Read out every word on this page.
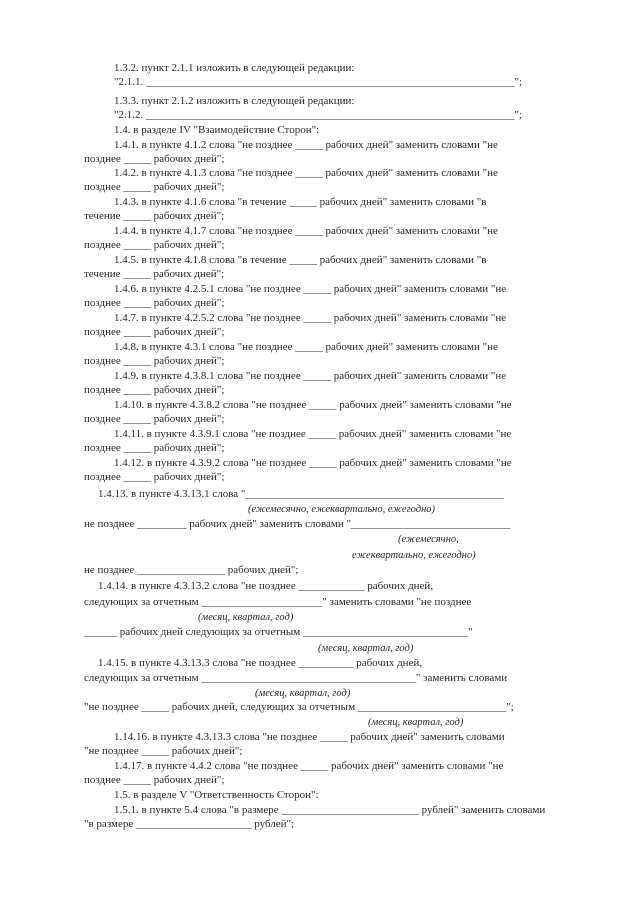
1.3.2. пункт 2.1.1 изложить в следующей редакции:
"2.1.1. ___________________________________________________________________";
1.3.3. пункт 2.1.2 изложить в следующей редакции:
"2.1.2. ___________________________________________________________________";
1.4. в разделе IV "Взаимодействие Сторон":
1.4.1. в пункте 4.1.2 слова "не позднее _____ рабочих дней" заменить словами "не
позднее _____ рабочих дней";
1.4.2. в пункте 4.1.3 слова "не позднее _____ рабочих дней" заменить словами "не
позднее _____ рабочих дней";
1.4.3. в пункте 4.1.6 слова "в течение _____ рабочих дней" заменить словами "в
течение _____ рабочих дней";
1.4.4. в пункте 4.1.7 слова "не позднее _____ рабочих дней" заменить словами "не
позднее _____ рабочих дней";
1.4.5. в пункте 4.1.8 слова "в течение _____ рабочих дней" заменить словами "в
течение _____ рабочих дней";
1.4.6. в пункте 4.2.5.1 слова "не позднее _____ рабочих дней" заменить словами "не
позднее _____ рабочих дней";
1.4.7. в пункте 4.2.5.2 слова "не позднее _____ рабочих дней" заменить словами "не
позднее _____ рабочих дней";
1.4.8. в пункте 4.3.1 слова "не позднее _____ рабочих дней" заменить словами "не
позднее _____ рабочих дней";
1.4.9. в пункте 4.3.8.1 слова "не позднее _____ рабочих дней" заменить словами "не
позднее _____ рабочих дней";
1.4.10. в пункте 4.3.8.2 слова "не позднее _____ рабочих дней" заменить словами "не
позднее _____ рабочих дней";
1.4.11. в пункте 4.3.9.1 слова "не позднее _____ рабочих дней" заменить словами "не
позднее _____ рабочих дней";
1.4.12. в пункте 4.3.9.2 слова "не позднее _____ рабочих дней" заменить словами "не
позднее _____ рабочих дней";
1.4.13. в пункте 4.3.13.1 слова "_______________________________________________
(ежемесячно, ежеквартально, ежегодно)
не позднее _________ рабочих дней" заменить словами "_____________________________
(ежемесячно,
ежеквартально, ежегодно)
не позднее ________________ рабочих дней";
1.4.14. в пункте 4.3.13.2 слова "не позднее ____________ рабочих дней,
следующих за отчетным ______________________" заменить словами "не позднее
(месяц, квартал, год)
______ рабочих дней следующих за отчетным ______________________________"
(месяц, квартал, год)
1.4.15. в пункте 4.3.13.3 слова "не позднее __________ рабочих дней,
следующих за отчетным _______________________________________" заменить словами
(месяц, квартал, год)
"не позднее _____ рабочих дней, следующих за отчетным ___________________________";
(месяц, квартал, год)
1.14.16. в пункте 4.3.13.3 слова "не позднее _____ рабочих дней" заменить словами
"не позднее _____ рабочих дней";
1.4.17. в пункте 4.4.2 слова "не позднее _____ рабочих дней" заменить словами "не
позднее _____ рабочих дней";
1.5. в разделе V "Ответственность Сторон":
1.5.1. в пункте 5.4 слова "в размере _________________________ рублей" заменить словами
"в размере _____________________ рублей";
